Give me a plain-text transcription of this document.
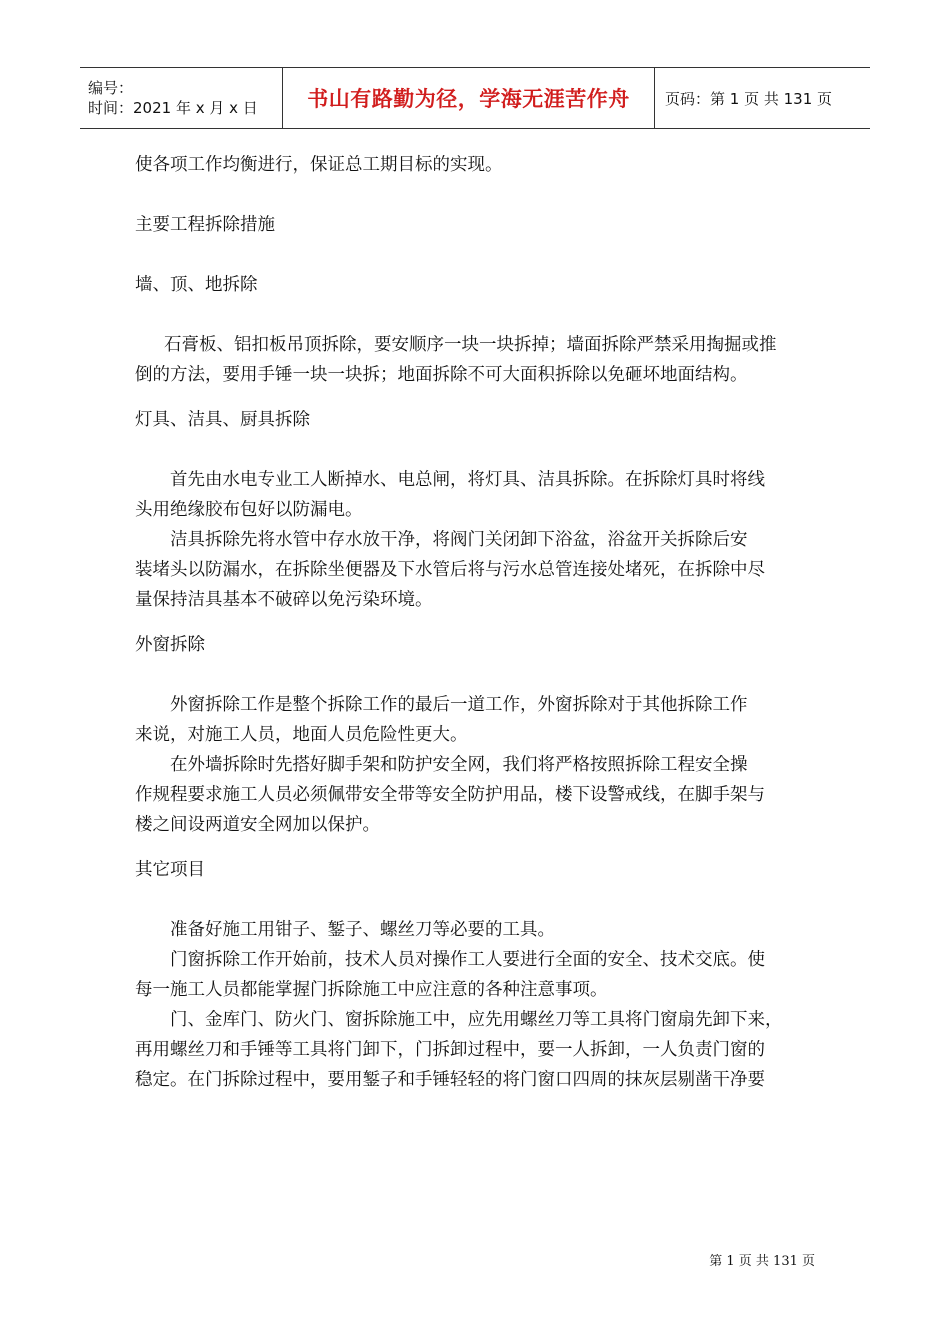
编号：
时间：2021 年 x 月 x 日	书山有路勤为径，学海无涯苦作舟	页码：第 1 页 共 131 页
使各项工作均衡进行，保证总工期目标的实现。
主要工程拆除措施
墙、顶、地拆除
石膏板、铝扣板吊顶拆除，要安顺序一块一块拆掉；墙面拆除严禁采用掏掘或推
倒的方法，要用手锤一块一块拆；地面拆除不可大面积拆除以免砸坏地面结构。
灯具、洁具、厨具拆除
首先由水电专业工人断掉水、电总闸，将灯具、洁具拆除。在拆除灯具时将线
头用绝缘胶布包好以防漏电。
洁具拆除先将水管中存水放干净，将阀门关闭卸下浴盆，浴盆开关拆除后安
装堵头以防漏水，在拆除坐便器及下水管后将与污水总管连接处堵死，在拆除中尽
量保持洁具基本不破碎以免污染环境。
外窗拆除
外窗拆除工作是整个拆除工作的最后一道工作，外窗拆除对于其他拆除工作
来说，对施工人员，地面人员危险性更大。
在外墙拆除时先搭好脚手架和防护安全网，我们将严格按照拆除工程安全操
作规程要求施工人员必须佩带安全带等安全防护用品，楼下设警戒线，在脚手架与
楼之间设两道安全网加以保护。
其它项目
准备好施工用钳子、錾子、螺丝刀等必要的工具。
门窗拆除工作开始前，技术人员对操作工人要进行全面的安全、技术交底。使
每一施工人员都能掌握门拆除施工中应注意的各种注意事项。
门、金库门、防火门、窗拆除施工中，应先用螺丝刀等工具将门窗扇先卸下来，
再用螺丝刀和手锤等工具将门卸下，门拆卸过程中，要一人拆卸，一人负责门窗的
稳定。在门拆除过程中，要用錾子和手锤轻轻的将门窗口四周的抹灰层剔凿干净要
第 1 页 共 131 页
